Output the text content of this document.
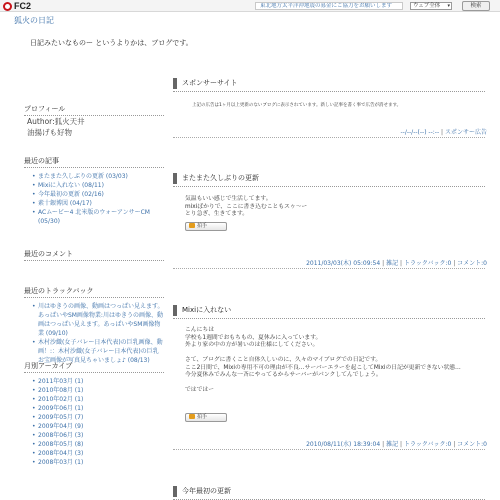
FC2	東北地方太平洋沖地震の募金にご協力をお願いします	ウェブ全体 ▾	検索
狐火の日記
日記みたいなものー というよりかは、ブログです。
プロフィール
Author:狐火天井
油揚げも好物
最近の記事
• またまた久しぶりの更新 (03/03)
• Mixiに入れない (08/11)
• 今年最初の更新 (02/16)
• 素十銀博図 (04/17)
• ACムービー4 北米版のウォーアンサーCM (05/30)
最近のコメント
最近のトラックバック
• 川はゆきうの画像、動画はつっぱい見えます。あっぱいやSM画像物業:川はゆきうの画像、動画はつっぱい見えます。あっぱいやSM画像物業 (09/10)
• 木村沙織(女子バレー日本代表)の巨乳画像、動画！:：木村沙織(女子バレー日本代表)の巨乳お宝画像が写真見ちゃいましょ♪ (08/13)
月別アーカイブ
• 2011年03月 (1)
• 2010年08月 (1)
• 2010年02月 (1)
• 2009年06月 (1)
• 2009年05月 (7)
• 2009年04月 (9)
• 2008年06月 (3)
• 2008年05月 (8)
• 2008年04月 (3)
• 2008年03月 (1)
スポンサーサイト
上記の広告は1ヶ月以上更新のないブログに表示されています。新しい記事を書く事で広告が消せます。
--/--/--(--) --:-- | スポンサー広告
またまた久しぶりの更新
気温もいい感じで生活してます。
mixiばかりで、ここに書き込むこともスゥ～ー
とり急ぎ、生きてます。
拍手
2011/03/03(木) 05:09:54 | 雑記 | トラックバック:0 | コメント:0
Mixiに入れない
こんにちは
学校も1週間でおもちもの、夏休みに入っています。
外より家の中の方が暑いのは仕様にしてください。
さて、ブログに書くこと自体久しいのに、久々のマイブログでの日記です。
ここ2日間で、Mixiの専用不可の理由が不良…サーバーエラーを起こしてMixiの日記が更新できない状態…
今分夏休みでみんな一斉にやってるからサーバーがパンクしてんでしょう。
ではではー
拍手
2010/08/11(水) 18:39:04 | 雑記 | トラックバック:0 | コメント:0
今年最初の更新
